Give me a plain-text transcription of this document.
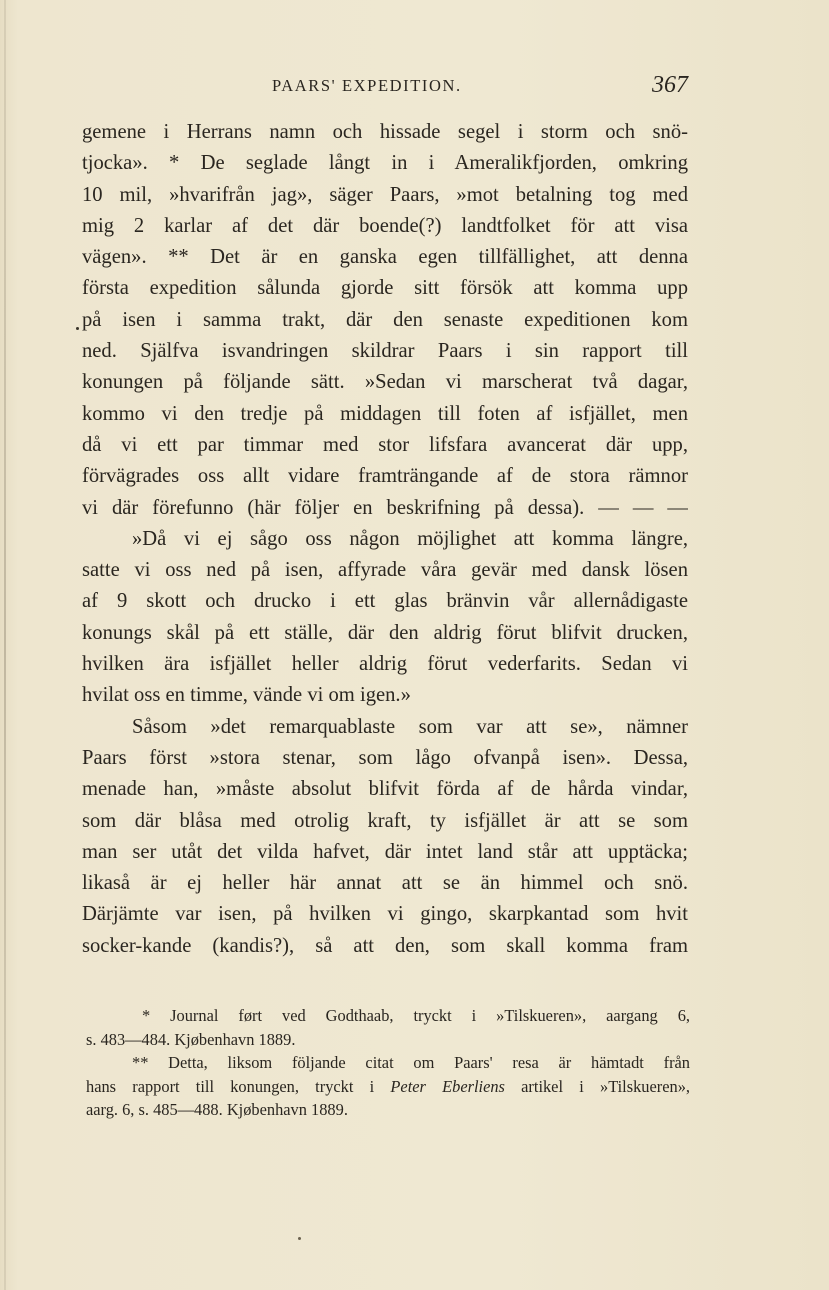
PAARS' EXPEDITION.	367
gemene i Herrans namn och hissade segel i storm och snö-
tjocka». * De seglade långt in i Ameralikfjorden, omkring
10 mil, »hvarifrån jag», säger Paars, »mot betalning tog med
mig 2 karlar af det där boende(?) landtfolket för att visa
vägen». ** Det är en ganska egen tillfällighet, att denna
första expedition sålunda gjorde sitt försök att komma upp
på isen i samma trakt, där den senaste expeditionen kom
ned. Själfva isvandringen skildrar Paars i sin rapport till
konungen på följande sätt. »Sedan vi marscherat två dagar,
kommo vi den tredje på middagen till foten af isfjället, men
då vi ett par timmar med stor lifsfara avancerat där upp,
förvägrades oss allt vidare framträngande af de stora rämnor
vi där förefunno (här följer en beskrifning på dessa). — — —
»Då vi ej sågo oss någon möjlighet att komma längre,
satte vi oss ned på isen, affyrade våra gevär med dansk lösen
af 9 skott och drucko i ett glas bränvin vår allernådigaste
konungs skål på ett ställe, där den aldrig förut blifvit drucken,
hvilken ära isfjället heller aldrig förut vederfarits. Sedan vi
hvilat oss en timme, vände vi om igen.»
Såsom »det remarquablaste som var att se», nämner
Paars först »stora stenar, som lågo ofvanpå isen». Dessa,
menade han, »måste absolut blifvit förda af de hårda vindar,
som där blåsa med otrolig kraft, ty isfjället är att se som
man ser utåt det vilda hafvet, där intet land står att upptäcka;
likaså är ej heller här annat att se än himmel och snö.
Därjämte var isen, på hvilken vi gingo, skarpkantad som hvit
socker-kande (kandis?), så att den, som skall komma fram
* Journal ført ved Godthaab, tryckt i »Tilskueren», aargang 6,
s. 483—484. Kjøbenhavn 1889.
** Detta, liksom följande citat om Paars' resa är hämtadt från
hans rapport till konungen, tryckt i Peter Eberliens artikel i »Tilskueren»,
aarg. 6, s. 485—488. Kjøbenhavn 1889.
